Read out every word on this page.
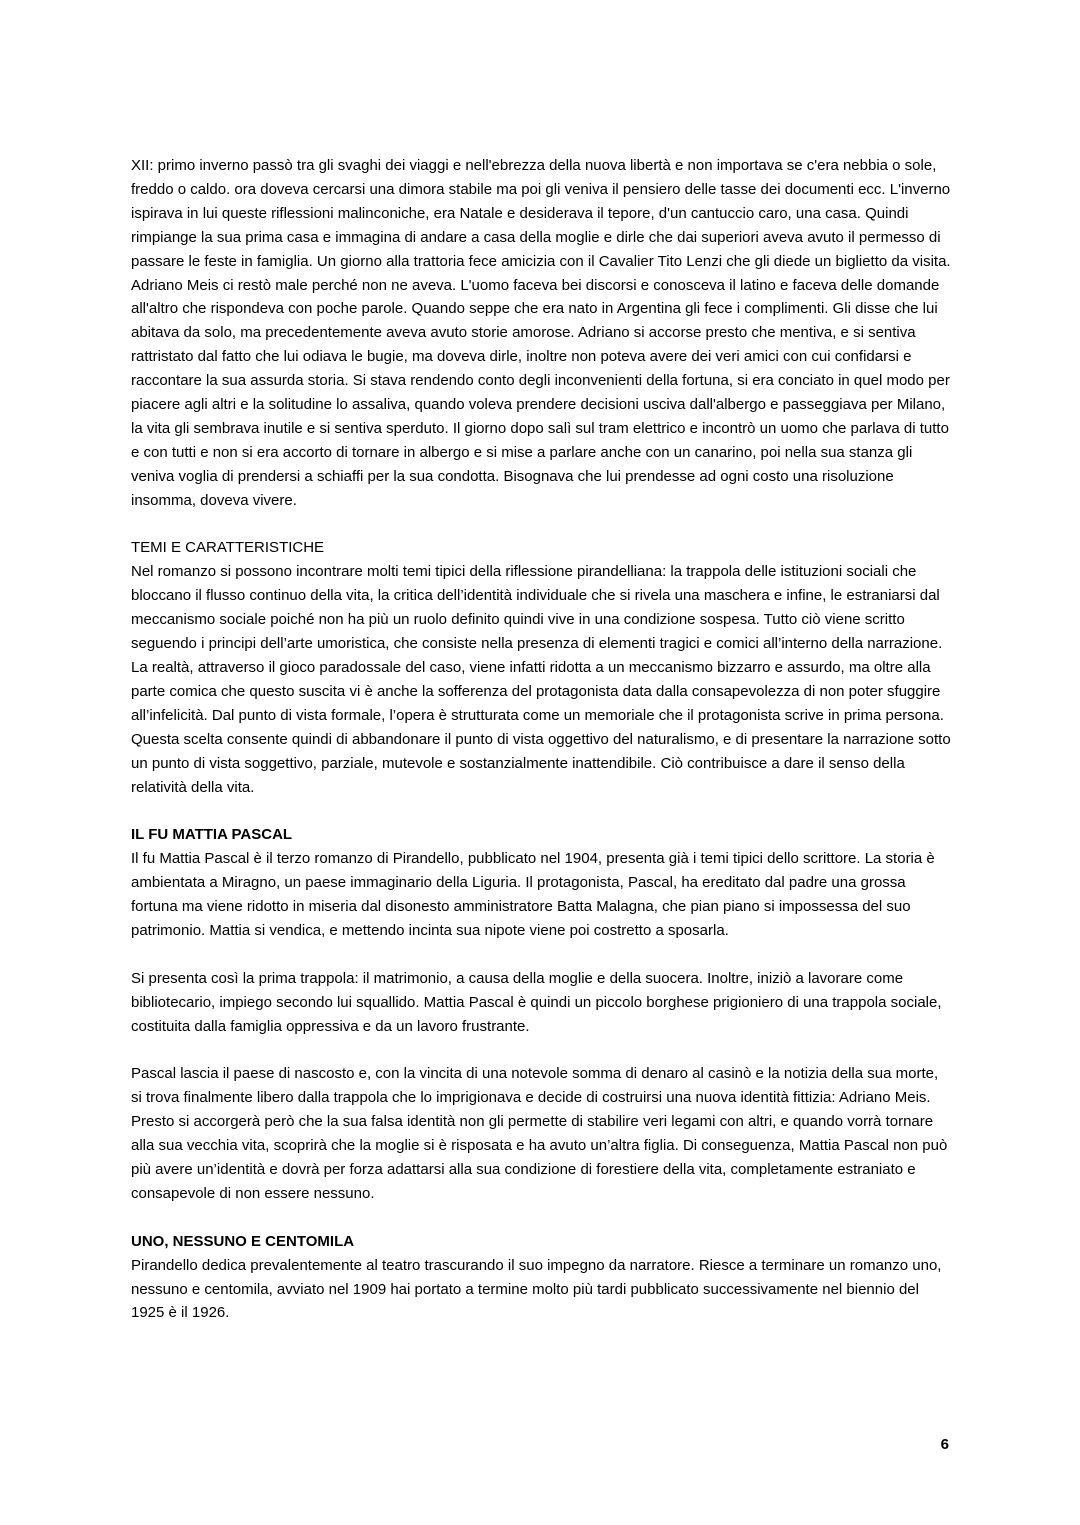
XII: primo inverno passò tra gli svaghi dei viaggi e nell'ebrezza della nuova libertà e non importava se c'era nebbia o sole, freddo o caldo. ora doveva cercarsi una dimora stabile ma poi gli veniva il pensiero delle tasse dei documenti ecc. L'inverno ispirava in lui queste riflessioni malinconiche, era Natale e desiderava il tepore, d'un cantuccio caro, una casa. Quindi rimpiange la sua prima casa e immagina di andare a casa della moglie e dirle che dai superiori aveva avuto il permesso di passare le feste in famiglia. Un giorno alla trattoria fece amicizia con il Cavalier Tito Lenzi che gli diede un biglietto da visita. Adriano Meis ci restò male perché non ne aveva. L'uomo faceva bei discorsi e conosceva il latino e faceva delle domande all'altro che rispondeva con poche parole. Quando seppe che era nato in Argentina gli fece i complimenti. Gli disse che lui abitava da solo, ma precedentemente aveva avuto storie amorose. Adriano si accorse presto che mentiva, e si sentiva rattristato dal fatto che lui odiava le bugie, ma doveva dirle, inoltre non poteva avere dei veri amici con cui confidarsi e raccontare la sua assurda storia. Si stava rendendo conto degli inconvenienti della fortuna, si era conciato in quel modo per piacere agli altri e la solitudine lo assaliva, quando voleva prendere decisioni usciva dall'albergo e passeggiava per Milano, la vita gli sembrava inutile e si sentiva sperduto. Il giorno dopo salì sul tram elettrico e incontrò un uomo che parlava di tutto e con tutti e non si era accorto di tornare in albergo e si mise a parlare anche con un canarino, poi nella sua stanza gli veniva voglia di prendersi a schiaffi per la sua condotta. Bisognava che lui prendesse ad ogni costo una risoluzione insomma, doveva vivere.

TEMI E CARATTERISTICHE

Nel romanzo si possono incontrare molti temi tipici della riflessione pirandelliana: la trappola delle istituzioni sociali che bloccano il flusso continuo della vita, la critica dell’identità individuale che si rivela una maschera e infine, le estraniarsi dal meccanismo sociale poiché non ha più un ruolo definito quindi vive in una condizione sospesa. Tutto ciò viene scritto seguendo i principi dell’arte umoristica, che consiste nella presenza di elementi tragici e comici all’interno della narrazione. La realtà, attraverso il gioco paradossale del caso, viene infatti ridotta a un meccanismo bizzarro e assurdo, ma oltre alla parte comica che questo suscita vi è anche la sofferenza del protagonista data dalla consapevolezza di non poter sfuggire all’infelicità. Dal punto di vista formale, l’opera è strutturata come un memoriale che il protagonista scrive in prima persona. Questa scelta consente quindi di abbandonare il punto di vista oggettivo del naturalismo, e di presentare la narrazione sotto un punto di vista soggettivo, parziale, mutevole e sostanzialmente inattendibile. Ciò contribuisce a dare il senso della relatività della vita.

IL FU MATTIA PASCAL

Il fu Mattia Pascal è il terzo romanzo di Pirandello, pubblicato nel 1904, presenta già i temi tipici dello scrittore. La storia è ambientata a Miragno, un paese immaginario della Liguria. Il protagonista, Pascal, ha ereditato dal padre una grossa fortuna ma viene ridotto in miseria dal disonesto amministratore Batta Malagna, che pian piano si impossessa del suo patrimonio. Mattia si vendica, e mettendo incinta sua nipote viene poi costretto a sposarla.

Si presenta così la prima trappola: il matrimonio, a causa della moglie e della suocera. Inoltre, iniziò a lavorare come bibliotecario, impiego secondo lui squallido. Mattia Pascal è quindi un piccolo borghese prigioniero di una trappola sociale, costituita dalla famiglia oppressiva e da un lavoro frustrante.

Pascal lascia il paese di nascosto e, con la vincita di una notevole somma di denaro al casinò e la notizia della sua morte, si trova finalmente libero dalla trappola che lo imprigionava e decide di costruirsi una nuova identità fittizia: Adriano Meis. Presto si accorgerà però che la sua falsa identità non gli permette di stabilire veri legami con altri, e quando vorrà tornare alla sua vecchia vita, scoprirà che la moglie si è risposata e ha avuto un’altra figlia. Di conseguenza, Mattia Pascal non può più avere un’identità e dovrà per forza adattarsi alla sua condizione di forestiere della vita, completamente estraniato e consapevole di non essere nessuno.

UNO, NESSUNO E CENTOMILA

Pirandello dedica prevalentemente al teatro trascurando il suo impegno da narratore. Riesce a terminare un romanzo uno, nessuno e centomila, avviato nel 1909 hai portato a termine molto più tardi pubblicato successivamente nel biennio del 1925 è il 1926.

6
